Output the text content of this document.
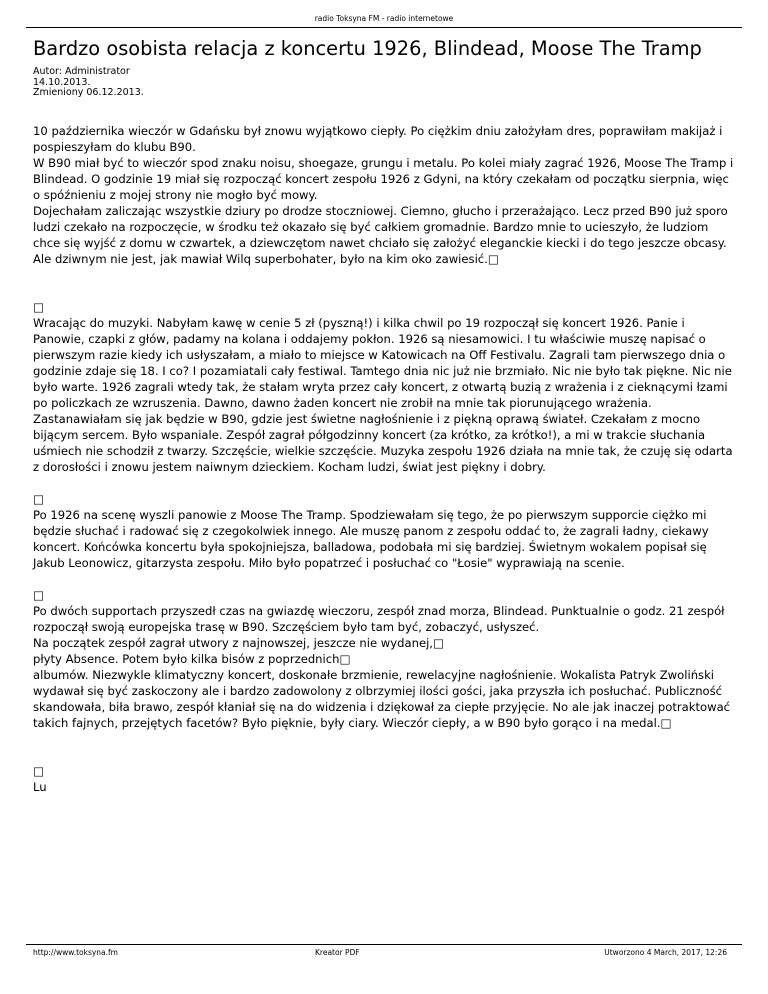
radio Toksyna FM - radio internetowe
Bardzo osobista relacja z koncertu 1926, Blindead, Moose The Tramp
Autor: Administrator
14.10.2013.
Zmieniony 06.12.2013.

10 października wieczór w Gdańsku był znowu wyjątkowo ciepły. Po ciężkim dniu założyłam dres, poprawiłam makijaż i pospieszyłam do klubu B90.

W B90 miał być to wieczór spod znaku noisu, shoegaze, grungu i metalu. Po kolei miały zagrać 1926, Moose The Tramp i Blindead. O godzinie 19 miał się rozpocząć koncert zespołu 1926 z Gdyni, na który czekałam od początku sierpnia, więc o spóźnieniu z mojej strony nie mogło być mowy.

Dojechałam zaliczając wszystkie dziury po drodze stoczniowej. Ciemno, głucho i przerażająco. Lecz przed B90 już sporo ludzi czekało na rozpoczęcie, w środku też okazało się być całkiem gromadnie. Bardzo mnie to ucieszyło, że ludziom chce się wyjść z domu w czwartek, a dziewczętom nawet chciało się założyć eleganckie kiecki i do tego jeszcze obcasy. Ale dziwnym nie jest, jak mawiał Wilq superbohater, było na kim oko zawiesić.□

□

Wracając do muzyki. Nabyłam kawę w cenie 5 zł (pyszną!) i kilka chwil po 19 rozpoczął się koncert 1926. Panie i Panowie, czapki z głów, padamy na kolana i oddajemy pokłon. 1926 są niesamowici. I tu właściwie muszę napisać o pierwszym razie kiedy ich usłyszałam, a miało to miejsce w Katowicach na Off Festivalu. Zagrali tam pierwszego dnia o godzinie zdaje się 18. I co? I pozamiatali cały festiwal. Tamtego dnia nic już nie brzmiało. Nic nie było tak piękne. Nic nie było warte. 1926 zagrali wtedy tak, że stałam wryta przez cały koncert, z otwartą buzią z wrażenia i z cieknącymi łzami po policzkach ze wzruszenia. Dawno, dawno żaden koncert nie zrobił na mnie tak piorunującego wrażenia. Zastanawiałam się jak będzie w B90, gdzie jest świetne nagłośnienie i z piękną oprawą świateł. Czekałam z mocno bijącym sercem. Było wspaniale. Zespół zagrał półgodzinny koncert (za krótko, za krótko!), a mi w trakcie słuchania uśmiech nie schodził z twarzy. Szczęście, wielkie szczęście. Muzyka zespołu 1926 działa na mnie tak, że czuję się odarta z dorosłości i znowu jestem naiwnym dzieckiem. Kocham ludzi, świat jest piękny i dobry.

□

Po 1926 na scenę wyszli panowie z Moose The Tramp. Spodziewałam się tego, że po pierwszym supporcie ciężko mi będzie słuchać i radować się z czegokolwiek innego. Ale muszę panom z zespołu oddać to, że zagrali ładny, ciekawy koncert. Końcówka koncertu była spokojniejsza, balladowa, podobała mi się bardziej. Świetnym wokalem popisał się Jakub Leonowicz, gitarzysta zespołu. Miło było popatrzeć i posłuchać co "Łosie" wyprawiają na scenie.

□

Po dwóch supportach przyszedł czas na gwiazdę wieczoru, zespół znad morza, Blindead. Punktualnie o godz. 21 zespół rozpoczął swoją europejska trasę w B90. Szczęściem było tam być, zobaczyć, usłyszeć.

Na początek zespół zagrał utwory z najnowszej, jeszcze nie wydanej,□

płyty Absence. Potem było kilka bisów z poprzednich□

albumów. Niezwykle klimatyczny koncert, doskonałe brzmienie, rewelacyjne nagłośnienie. Wokalista Patryk Zwoliński wydawał się być zaskoczony ale i bardzo zadowolony z olbrzymiej ilości gości, jaka przyszła ich posłuchać. Publiczność skandowała, biła brawo, zespół kłaniał się na do widzenia i dziękował za ciepłe przyjęcie. No ale jak inaczej potraktować takich fajnych, przejętych facetów? Było pięknie, były ciary. Wieczór ciepły, a w B90 było gorąco i na medal.□

□

Lu

http://www.toksyna.fm	Kreator PDF	Utworzono 4 March, 2017, 12:26
